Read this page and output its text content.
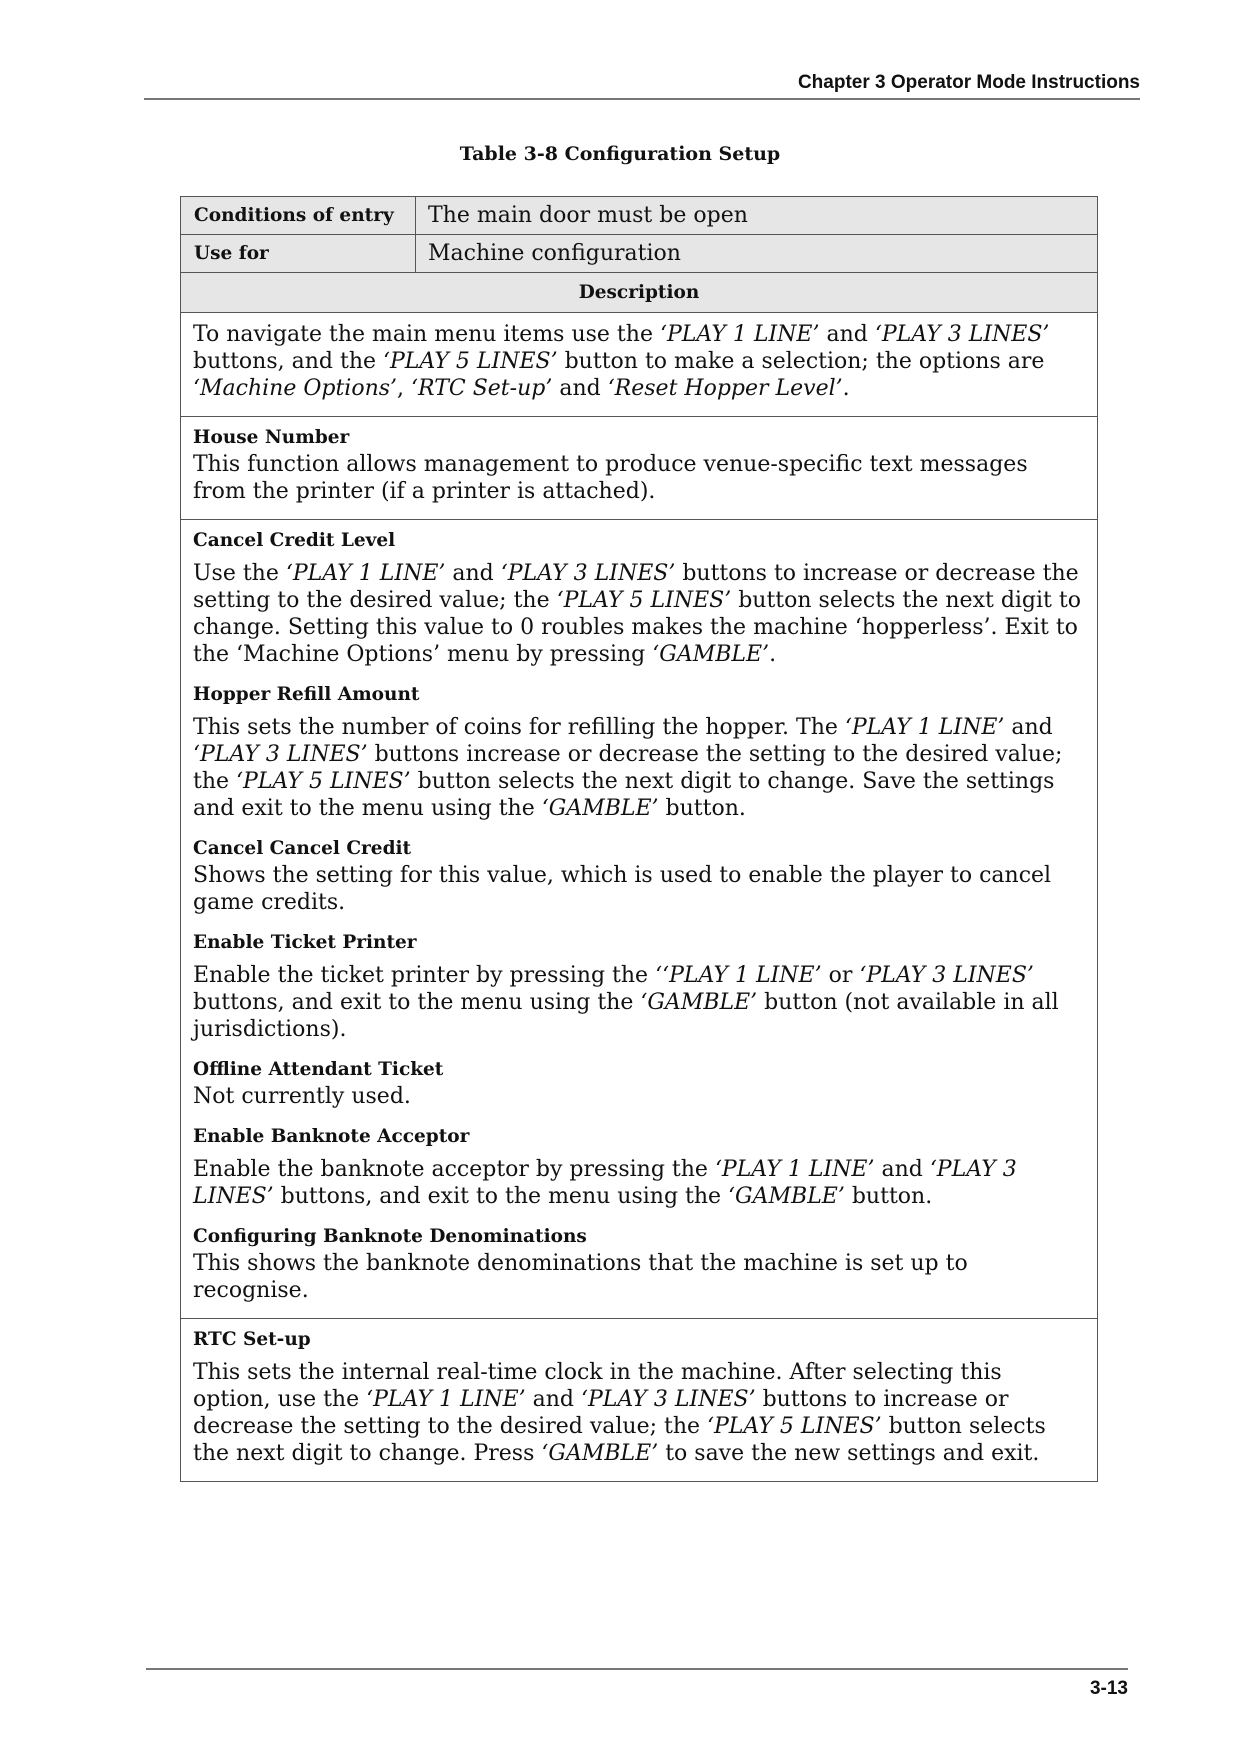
Chapter 3 Operator Mode Instructions
Table 3-8 Configuration Setup
Conditions of entry	The main door must be open
Use for	Machine configuration
Description
To navigate the main menu items use the ‘PLAY 1 LINE’ and ‘PLAY 3 LINES’ buttons, and the ‘PLAY 5 LINES’ button to make a selection; the options are ‘Machine Options’, ‘RTC Set-up’ and ‘Reset Hopper Level’.
House Number
This function allows management to produce venue-specific text messages from the printer (if a printer is attached).
Cancel Credit Level
Use the ‘PLAY 1 LINE’ and ‘PLAY 3 LINES’ buttons to increase or decrease the setting to the desired value; the ‘PLAY 5 LINES’ button selects the next digit to change. Setting this value to 0 roubles makes the machine ‘hopperless’. Exit to the ‘Machine Options’ menu by pressing ‘GAMBLE’.
Hopper Refill Amount
This sets the number of coins for refilling the hopper. The ‘PLAY 1 LINE’ and ‘PLAY 3 LINES’ buttons increase or decrease the setting to the desired value; the ‘PLAY 5 LINES’ button selects the next digit to change. Save the settings and exit to the menu using the ‘GAMBLE’ button.
Cancel Cancel Credit
Shows the setting for this value, which is used to enable the player to cancel game credits.
Enable Ticket Printer
Enable the ticket printer by pressing the ‘‘PLAY 1 LINE’ or ‘PLAY 3 LINES’ buttons, and exit to the menu using the ‘GAMBLE’ button (not available in all jurisdictions).
Offline Attendant Ticket
Not currently used.
Enable Banknote Acceptor
Enable the banknote acceptor by pressing the ‘PLAY 1 LINE’ and ‘PLAY 3 LINES’ buttons, and exit to the menu using the ‘GAMBLE’ button.
Configuring Banknote Denominations
This shows the banknote denominations that the machine is set up to recognise.
RTC Set-up
This sets the internal real-time clock in the machine. After selecting this option, use the ‘PLAY 1 LINE’ and ‘PLAY 3 LINES’ buttons to increase or decrease the setting to the desired value; the ‘PLAY 5 LINES’ button selects the next digit to change. Press ‘GAMBLE’ to save the new settings and exit.
3-13
